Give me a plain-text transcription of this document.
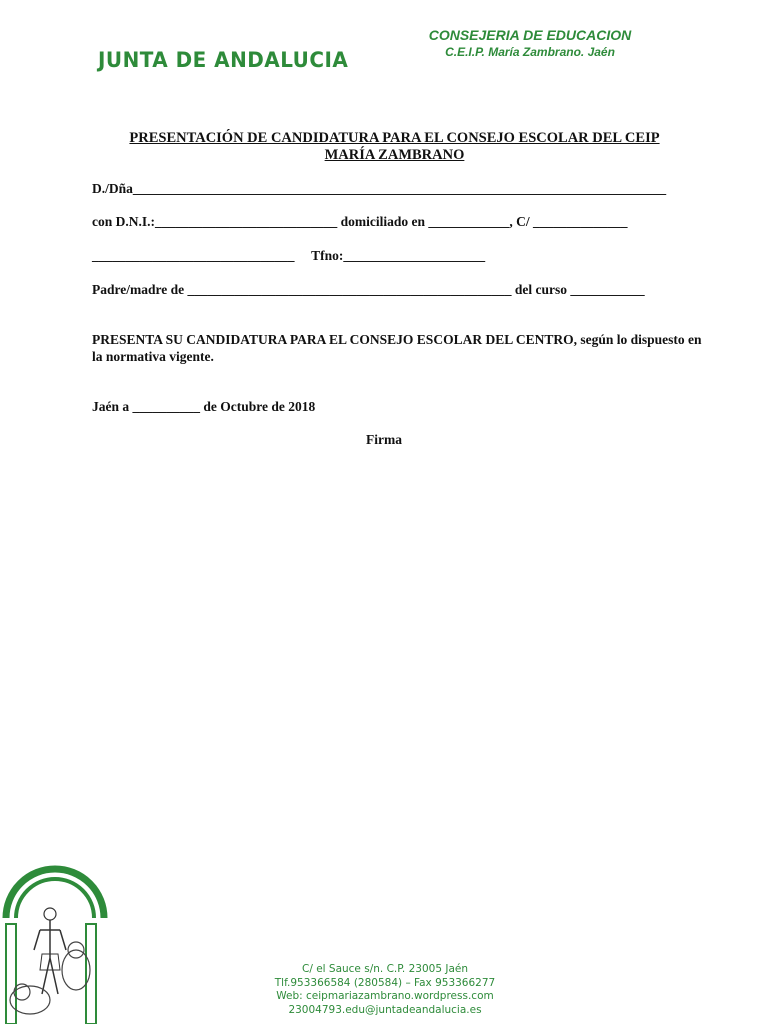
JUNTA DE ANDALUCIA
CONSEJERIA DE EDUCACION
C.E.I.P. María Zambrano. Jaén
PRESENTACIÓN DE CANDIDATURA PARA EL CONSEJO ESCOLAR DEL CEIP
MARÍA ZAMBRANO
D./Dña_______________________________________________________________________________
con D.N.I.:___________________________ domiciliado en ____________, C/ ______________
______________________________     Tfno:_____________________
Padre/madre de ________________________________________________ del curso ___________
PRESENTA SU CANDIDATURA PARA EL CONSEJO ESCOLAR DEL CENTRO, según lo dispuesto en la normativa vigente.
Jaén a __________ de Octubre de 2018
Firma
C/ el Sauce s/n. C.P. 23005 Jaén
Tlf.953366584 (280584) – Fax 953366277
Web: ceipmariazambrano.wordpress.com
23004793.edu@juntadeandalucia.es
